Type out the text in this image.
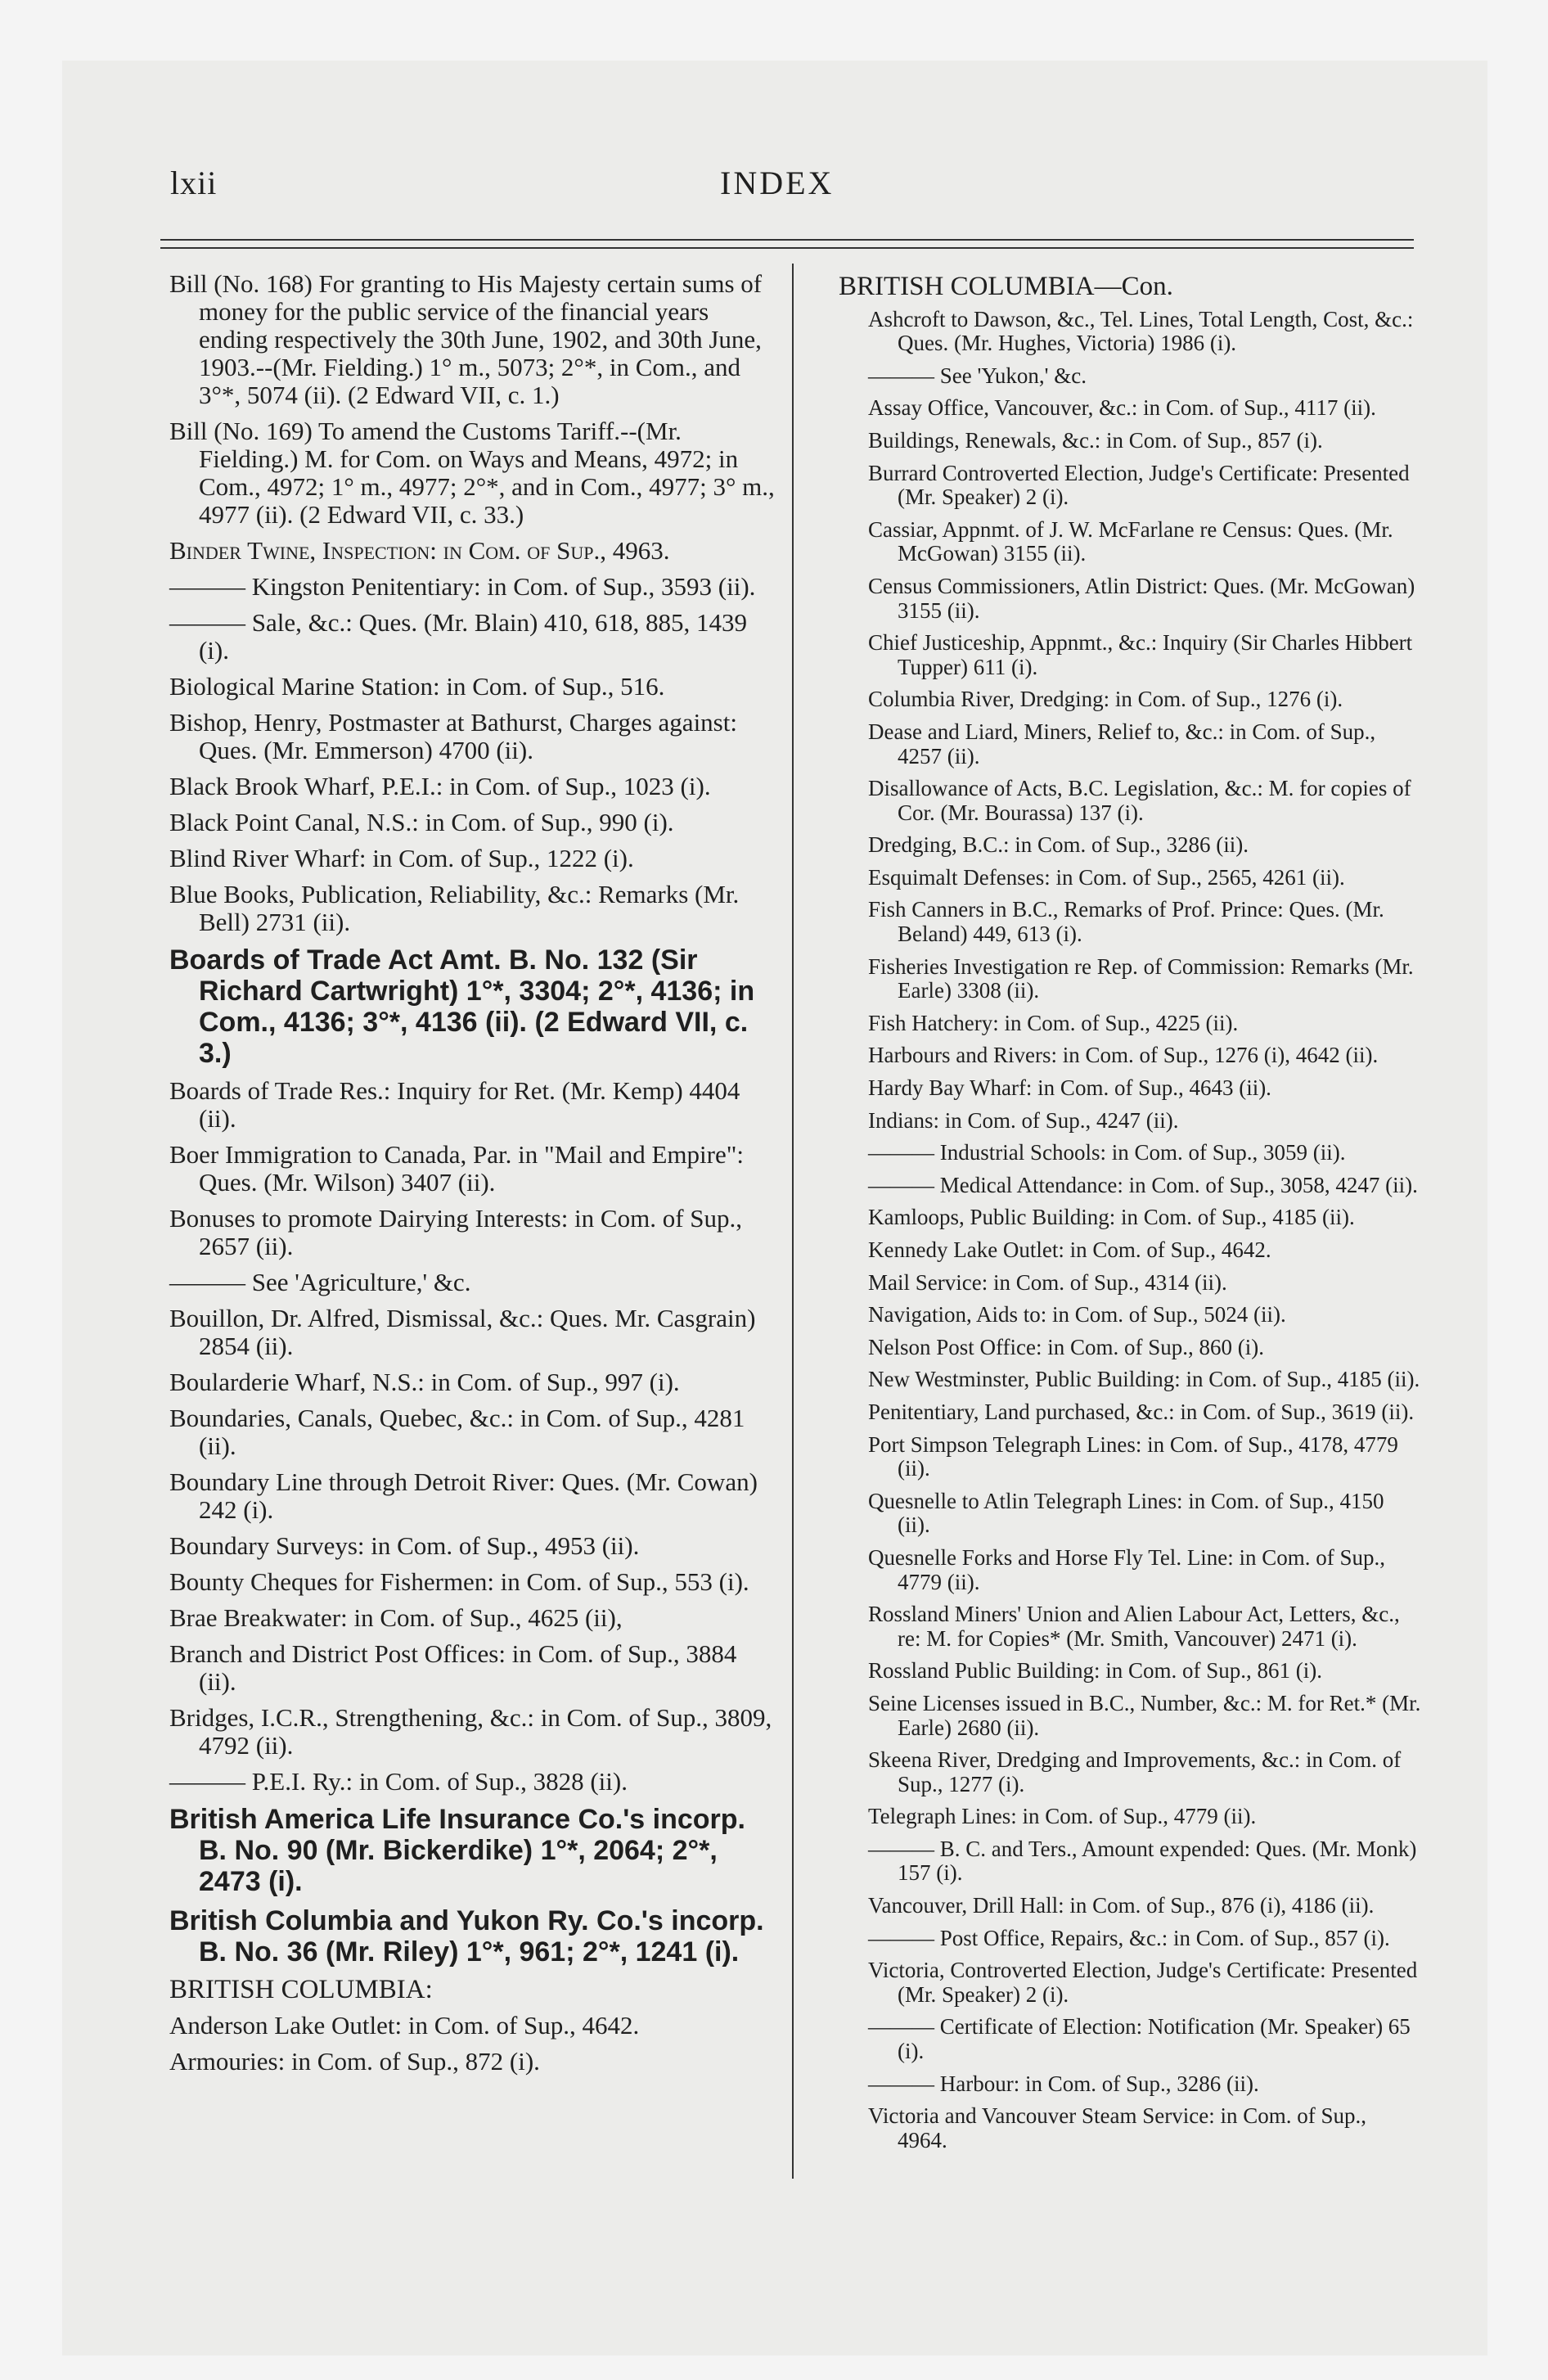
lxii	INDEX

Bill (No. 168) For granting to His Majesty certain sums of money for the public service of the financial years ending respectively the 30th June, 1902, and 30th June, 1903.--(Mr. Fielding.) 1° m., 5073; 2°*, in Com., and 3°*, 5074 (ii). (2 Edward VII, c. 1.)

Bill (No. 169) To amend the Customs Tariff.--(Mr. Fielding.) M. for Com. on Ways and Means, 4972; in Com., 4972; 1° m., 4977; 2°*, and in Com., 4977; 3° m., 4977 (ii). (2 Edward VII, c. 33.)

Binder Twine, Inspection: in Com. of Sup., 4963.

——— Kingston Penitentiary: in Com. of Sup., 3593 (ii).

——— Sale, &c.: Ques. (Mr. Blain) 410, 618, 885, 1439 (i).

Biological Marine Station: in Com. of Sup., 516.

Bishop, Henry, Postmaster at Bathurst, Charges against: Ques. (Mr. Emmerson) 4700 (ii).

Black Brook Wharf, P.E.I.: in Com. of Sup., 1023 (i).

Black Point Canal, N.S.: in Com. of Sup., 990 (i).

Blind River Wharf: in Com. of Sup., 1222 (i).

Blue Books, Publication, Reliability, &c.: Remarks (Mr. Bell) 2731 (ii).

Boards of Trade Act Amt. B. No. 132 (Sir Richard Cartwright) 1°*, 3304; 2°*, 4136; in Com., 4136; 3°*, 4136 (ii). (2 Edward VII, c. 3.)

Boards of Trade Res.: Inquiry for Ret. (Mr. Kemp) 4404 (ii).

Boer Immigration to Canada, Par. in "Mail and Empire": Ques. (Mr. Wilson) 3407 (ii).

Bonuses to promote Dairying Interests: in Com. of Sup., 2657 (ii).

——— See 'Agriculture,' &c.

Bouillon, Dr. Alfred, Dismissal, &c.: Ques. Mr. Casgrain) 2854 (ii).

Boularderie Wharf, N.S.: in Com. of Sup., 997 (i).

Boundaries, Canals, Quebec, &c.: in Com. of Sup., 4281 (ii).

Boundary Line through Detroit River: Ques. (Mr. Cowan) 242 (i).

Boundary Surveys: in Com. of Sup., 4953 (ii).

Bounty Cheques for Fishermen: in Com. of Sup., 553 (i).

Brae Breakwater: in Com. of Sup., 4625 (ii),

Branch and District Post Offices: in Com. of Sup., 3884 (ii).

Bridges, I.C.R., Strengthening, &c.: in Com. of Sup., 3809, 4792 (ii).

——— P.E.I. Ry.: in Com. of Sup., 3828 (ii).

British America Life Insurance Co.'s incorp. B. No. 90 (Mr. Bickerdike) 1°*, 2064; 2°*, 2473 (i).

British Columbia and Yukon Ry. Co.'s incorp. B. No. 36 (Mr. Riley) 1°*, 961; 2°*, 1241 (i).

BRITISH COLUMBIA:

Anderson Lake Outlet: in Com. of Sup., 4642.

Armouries: in Com. of Sup., 872 (i).

BRITISH COLUMBIA—Con.

Ashcroft to Dawson, &c., Tel. Lines, Total Length, Cost, &c.: Ques. (Mr. Hughes, Victoria) 1986 (i).

——— See 'Yukon,' &c.

Assay Office, Vancouver, &c.: in Com. of Sup., 4117 (ii).

Buildings, Renewals, &c.: in Com. of Sup., 857 (i).

Burrard Controverted Election, Judge's Certificate: Presented (Mr. Speaker) 2 (i).

Cassiar, Appnmt. of J. W. McFarlane re Census: Ques. (Mr. McGowan) 3155 (ii).

Census Commissioners, Atlin District: Ques. (Mr. McGowan) 3155 (ii).

Chief Justiceship, Appnmt., &c.: Inquiry (Sir Charles Hibbert Tupper) 611 (i).

Columbia River, Dredging: in Com. of Sup., 1276 (i).

Dease and Liard, Miners, Relief to, &c.: in Com. of Sup., 4257 (ii).

Disallowance of Acts, B.C. Legislation, &c.: M. for copies of Cor. (Mr. Bourassa) 137 (i).

Dredging, B.C.: in Com. of Sup., 3286 (ii).

Esquimalt Defenses: in Com. of Sup., 2565, 4261 (ii).

Fish Canners in B.C., Remarks of Prof. Prince: Ques. (Mr. Beland) 449, 613 (i).

Fisheries Investigation re Rep. of Commission: Remarks (Mr. Earle) 3308 (ii).

Fish Hatchery: in Com. of Sup., 4225 (ii).

Harbours and Rivers: in Com. of Sup., 1276 (i), 4642 (ii).

Hardy Bay Wharf: in Com. of Sup., 4643 (ii).

Indians: in Com. of Sup., 4247 (ii).

——— Industrial Schools: in Com. of Sup., 3059 (ii).

——— Medical Attendance: in Com. of Sup., 3058, 4247 (ii).

Kamloops, Public Building: in Com. of Sup., 4185 (ii).

Kennedy Lake Outlet: in Com. of Sup., 4642.

Mail Service: in Com. of Sup., 4314 (ii).

Navigation, Aids to: in Com. of Sup., 5024 (ii).

Nelson Post Office: in Com. of Sup., 860 (i).

New Westminster, Public Building: in Com. of Sup., 4185 (ii).

Penitentiary, Land purchased, &c.: in Com. of Sup., 3619 (ii).

Port Simpson Telegraph Lines: in Com. of Sup., 4178, 4779 (ii).

Quesnelle to Atlin Telegraph Lines: in Com. of Sup., 4150 (ii).

Quesnelle Forks and Horse Fly Tel. Line: in Com. of Sup., 4779 (ii).

Rossland Miners' Union and Alien Labour Act, Letters, &c., re: M. for Copies* (Mr. Smith, Vancouver) 2471 (i).

Rossland Public Building: in Com. of Sup., 861 (i).

Seine Licenses issued in B.C., Number, &c.: M. for Ret.* (Mr. Earle) 2680 (ii).

Skeena River, Dredging and Improvements, &c.: in Com. of Sup., 1277 (i).

Telegraph Lines: in Com. of Sup., 4779 (ii).

——— B. C. and Ters., Amount expended: Ques. (Mr. Monk) 157 (i).

Vancouver, Drill Hall: in Com. of Sup., 876 (i), 4186 (ii).

——— Post Office, Repairs, &c.: in Com. of Sup., 857 (i).

Victoria, Controverted Election, Judge's Certificate: Presented (Mr. Speaker) 2 (i).

——— Certificate of Election: Notification (Mr. Speaker) 65 (i).

——— Harbour: in Com. of Sup., 3286 (ii).

Victoria and Vancouver Steam Service: in Com. of Sup., 4964.
